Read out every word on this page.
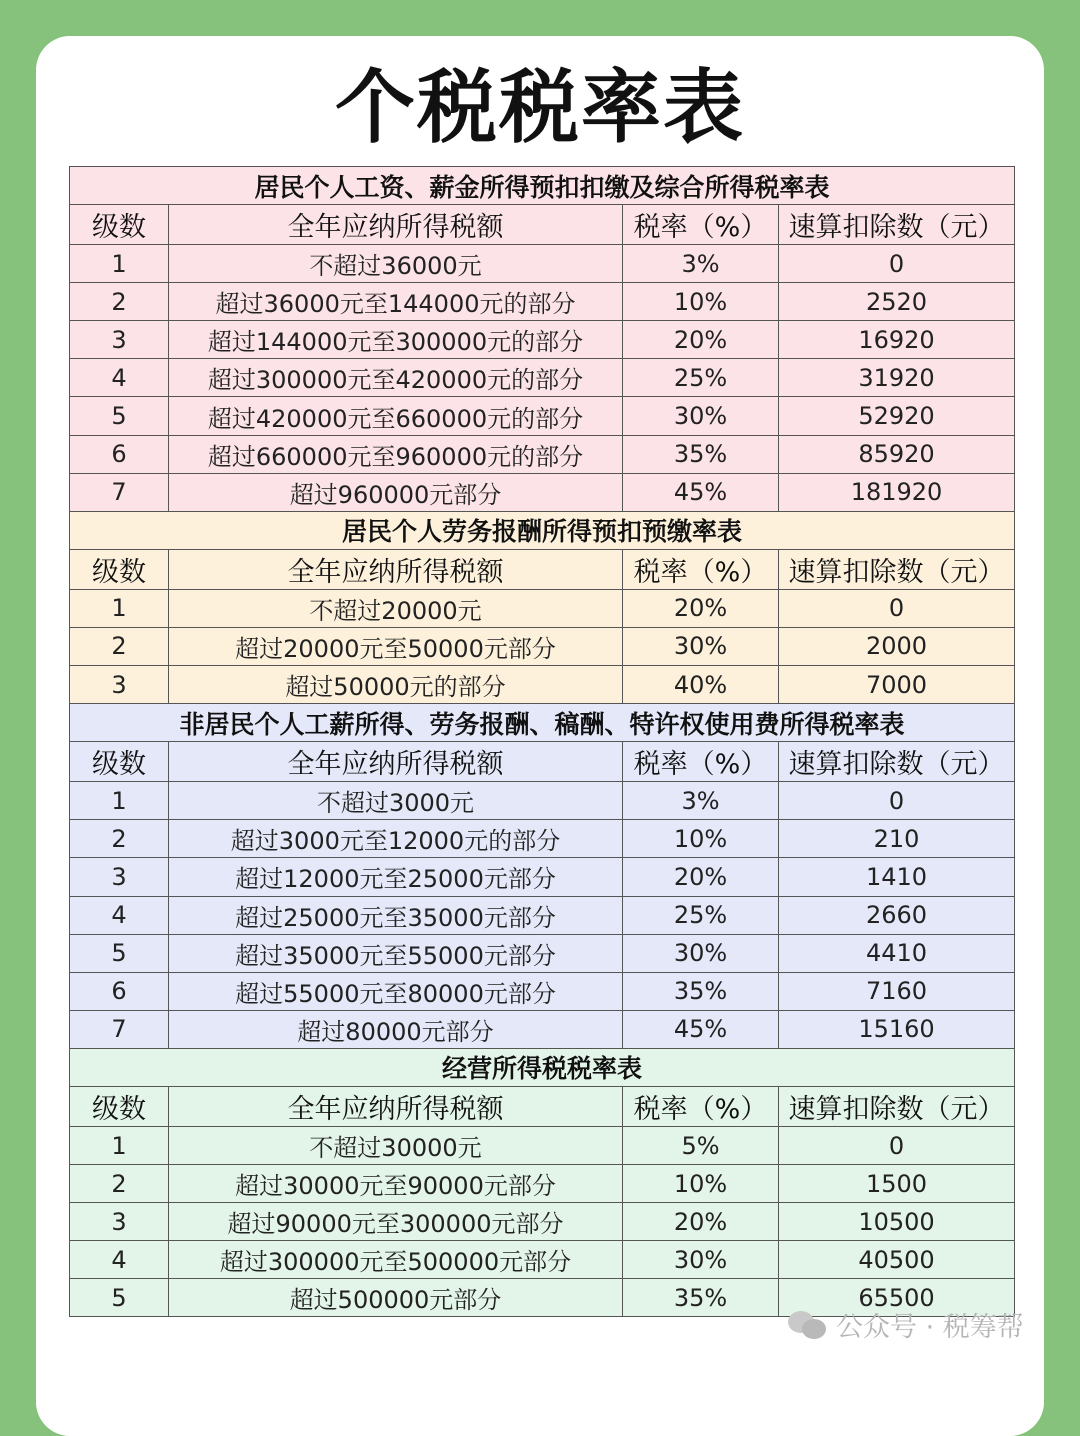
个税税率表
居民个人工资、薪金所得预扣扣缴及综合所得税率表			
级数	全年应纳所得税额	税率（%）	速算扣除数（元）
1	不超过36000元	3%	0
2	超过36000元至144000元的部分	10%	2520
3	超过144000元至300000元的部分	20%	16920
4	超过300000元至420000元的部分	25%	31920
5	超过420000元至660000元的部分	30%	52920
6	超过660000元至960000元的部分	35%	85920
7	超过960000元部分	45%	181920
居民个人劳务报酬所得预扣预缴率表			
级数	全年应纳所得税额	税率（%）	速算扣除数（元）
1	不超过20000元	20%	0
2	超过20000元至50000元部分	30%	2000
3	超过50000元的部分	40%	7000
非居民个人工薪所得、劳务报酬、稿酬、特许权使用费所得税率表			
级数	全年应纳所得税额	税率（%）	速算扣除数（元）
1	不超过3000元	3%	0
2	超过3000元至12000元的部分	10%	210
3	超过12000元至25000元部分	20%	1410
4	超过25000元至35000元部分	25%	2660
5	超过35000元至55000元部分	30%	4410
6	超过55000元至80000元部分	35%	7160
7	超过80000元部分	45%	15160
经营所得税税率表			
级数	全年应纳所得税额	税率（%）	速算扣除数（元）
1	不超过30000元	5%	0
2	超过30000元至90000元部分	10%	1500
3	超过90000元至300000元部分	20%	10500
4	超过300000元至500000元部分	30%	40500
5	超过500000元部分	35%	65500
公众号 · 税筹帮
